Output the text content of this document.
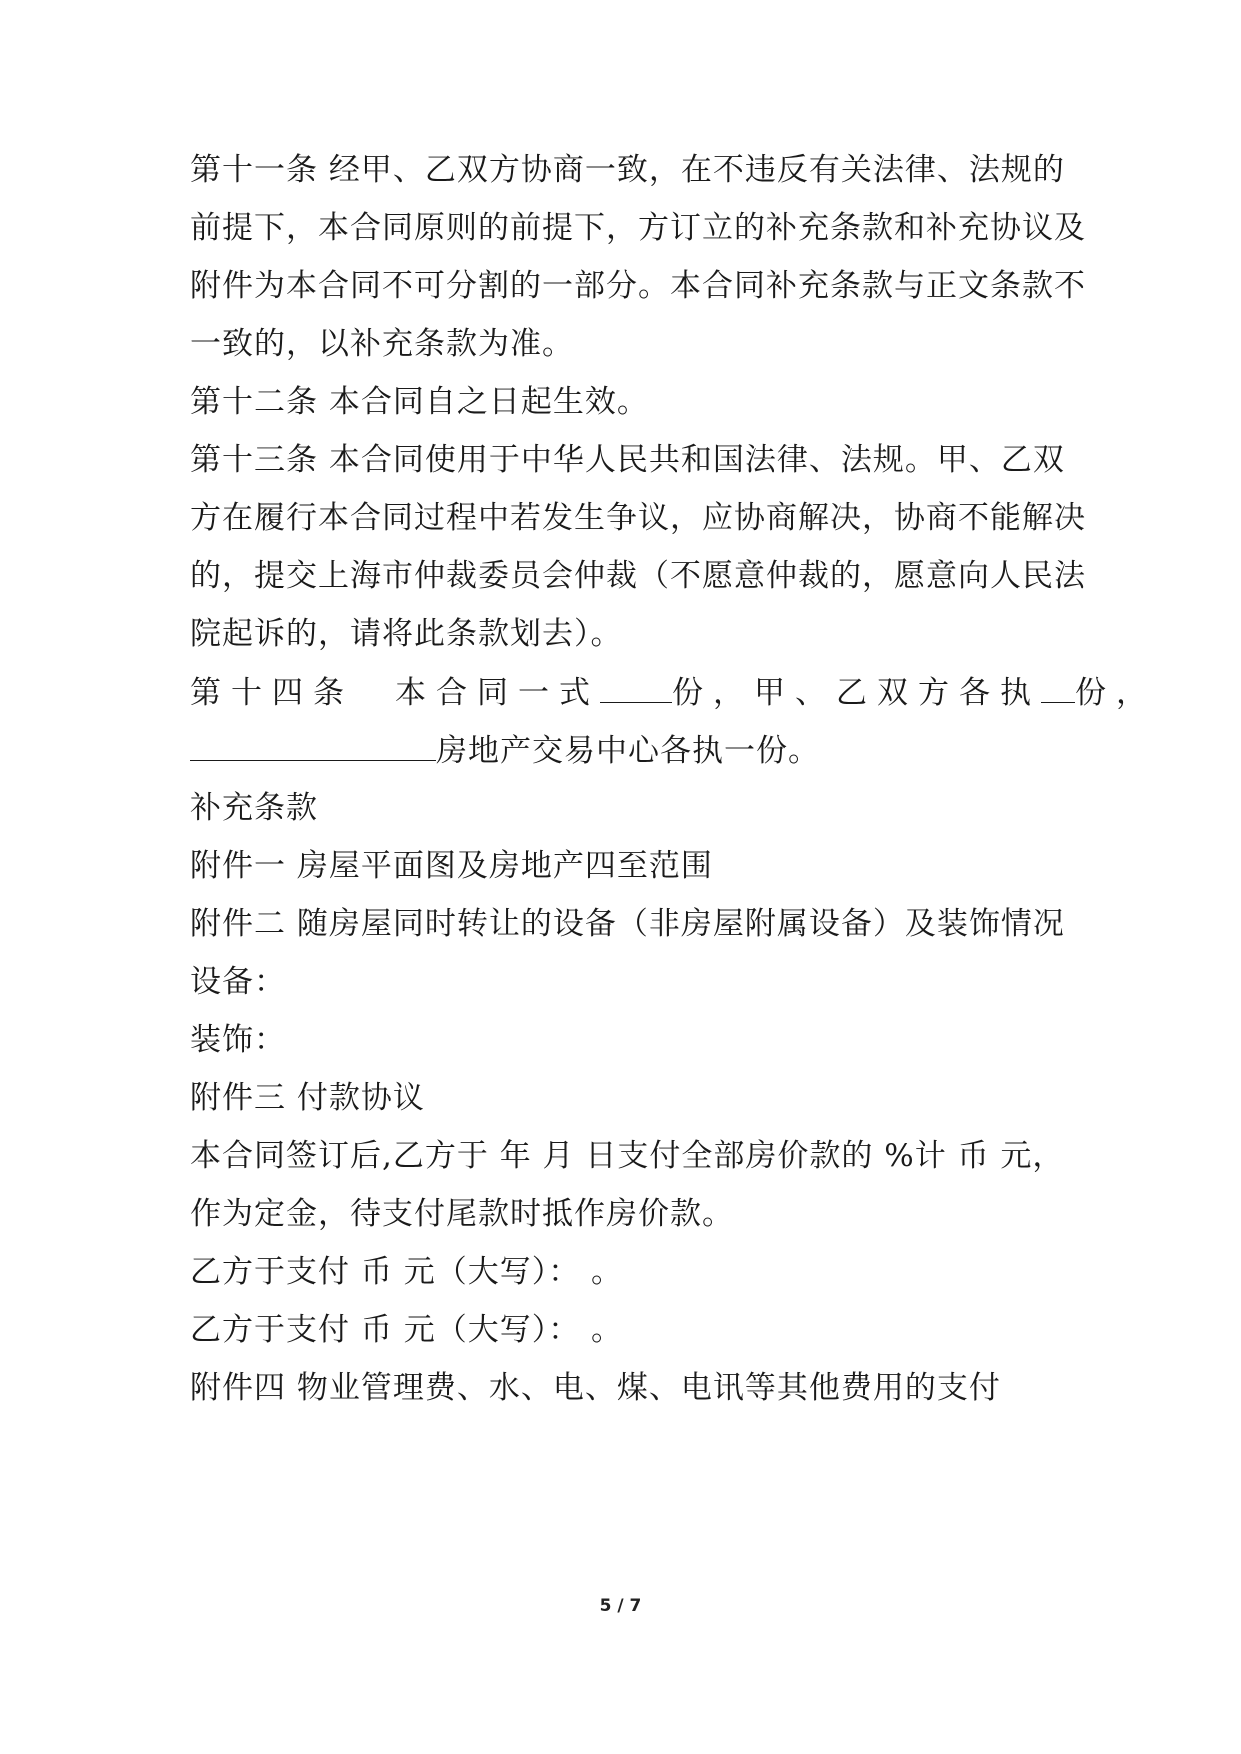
第十一条 经甲、乙双方协商一致，在不违反有关法律、法规的
前提下，本合同原则的前提下，方订立的补充条款和补充协议及
附件为本合同不可分割的一部分。本合同补充条款与正文条款不
一致的，以补充条款为准。
第十二条 本合同自之日起生效。
第十三条 本合同使用于中华人民共和国法律、法规。甲、乙双
方在履行本合同过程中若发生争议，应协商解决，协商不能解决
的，提交上海市仲裁委员会仲裁（不愿意仲裁的，愿意向人民法
院起诉的，请将此条款划去）。
第十四条　本合同一式 份，甲、乙双方各执 份，
房地产交易中心各执一份。
补充条款
附件一 房屋平面图及房地产四至范围
附件二 随房屋同时转让的设备（非房屋附属设备）及装饰情况
设备：
装饰：
附件三 付款协议
本合同签订后,乙方于 年 月 日支付全部房价款的 %计 币 元，
作为定金，待支付尾款时抵作房价款。
乙方于支付 币 元（大写）： 。
乙方于支付 币 元（大写）： 。
附件四 物业管理费、水、电、煤、电讯等其他费用的支付
5 / 7
